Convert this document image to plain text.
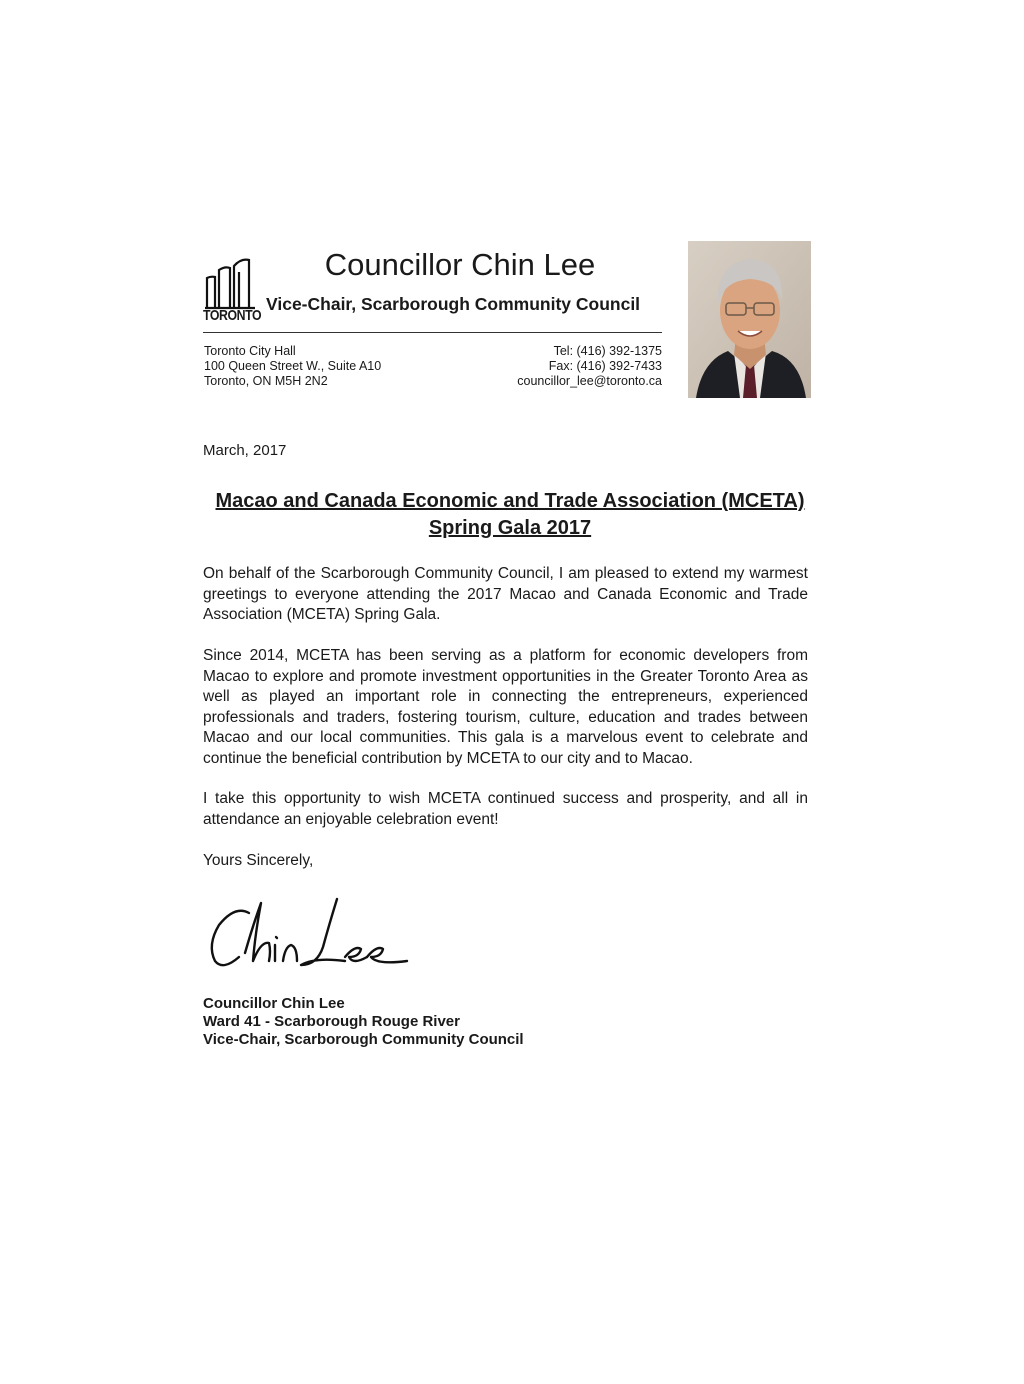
TORONTO
Councillor Chin Lee
Vice-Chair, Scarborough Community Council
Toronto City Hall
100 Queen Street W., Suite A10
Toronto, ON M5H 2N2
Tel: (416) 392-1375
Fax: (416) 392-7433
councillor_lee@toronto.ca
March, 2017
Macao and Canada Economic and Trade Association (MCETA)
Spring Gala 2017

On behalf of the Scarborough Community Council, I am pleased to extend my warmest greetings to everyone attending the 2017 Macao and Canada Economic and Trade Association (MCETA) Spring Gala.

Since 2014, MCETA has been serving as a platform for economic developers from Macao to explore and promote investment opportunities in the Greater Toronto Area as well as played an important role in connecting the entrepreneurs, experienced professionals and traders, fostering tourism, culture, education and trades between Macao and our local communities. This gala is a marvelous event to celebrate and continue the beneficial contribution by MCETA to our city and to Macao.

I take this opportunity to wish MCETA continued success and prosperity, and all in attendance an enjoyable celebration event!

Yours Sincerely,
Councillor Chin Lee
Ward 41 - Scarborough Rouge River
Vice-Chair, Scarborough Community Council
